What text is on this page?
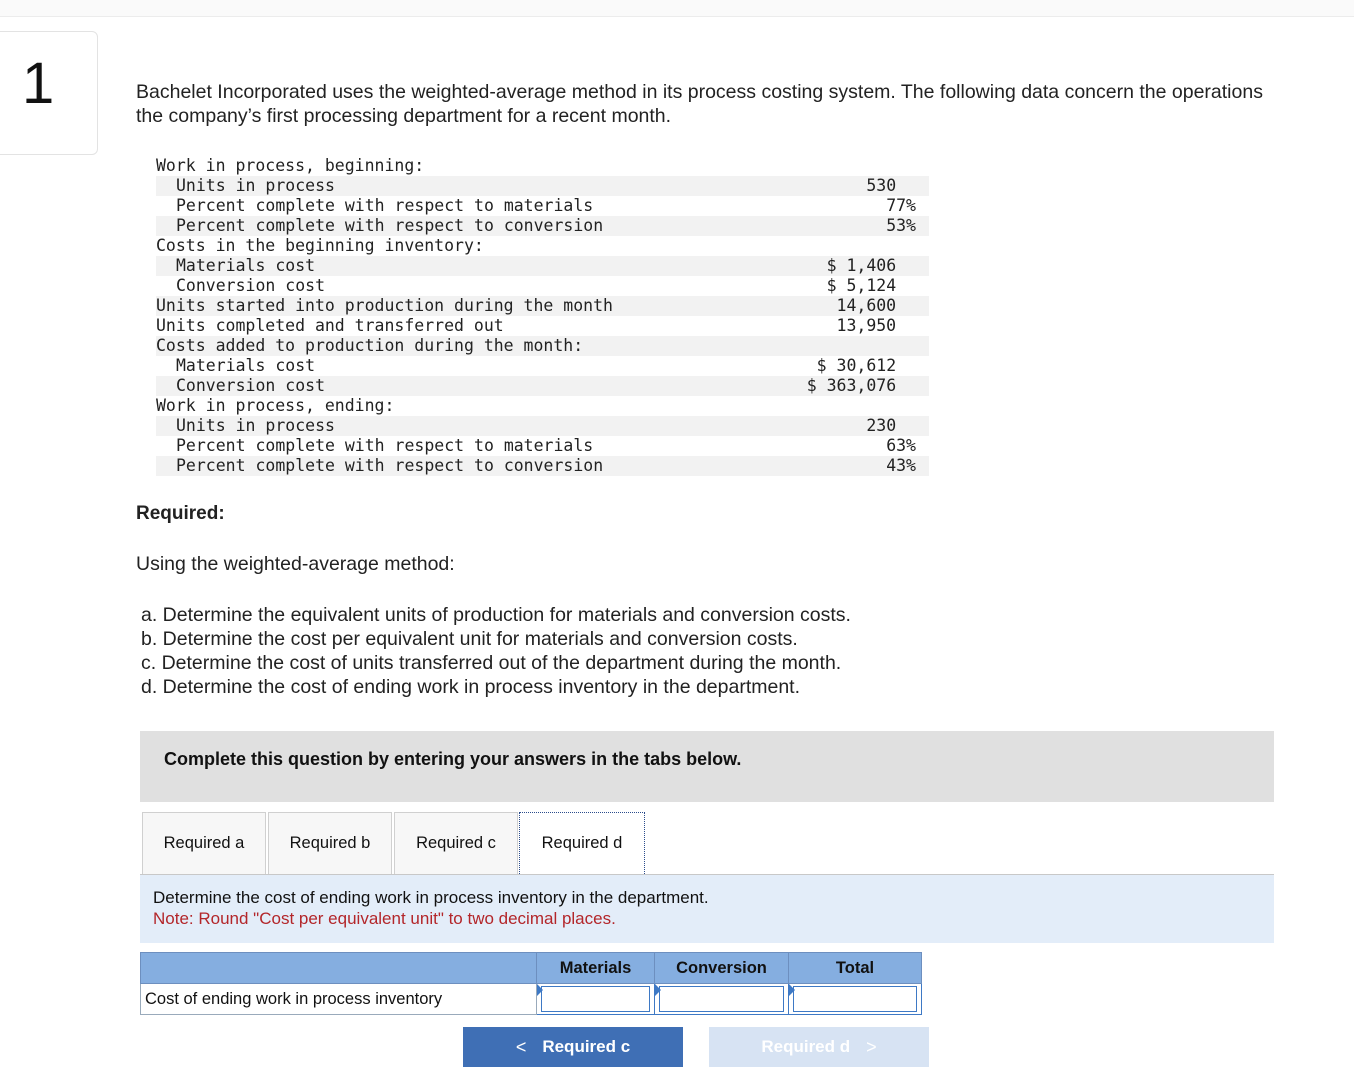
1	Bachelet Incorporated uses the weighted-average method in its process costing system. The following data concern the operations
the company’s first processing department for a recent month.
Work in process, beginning:
Units in process	530
Percent complete with respect to materials	77%
Percent complete with respect to conversion	53%
Costs in the beginning inventory:
Materials cost	$ 1,406
Conversion cost	$ 5,124
Units started into production during the month	14,600
Units completed and transferred out	13,950
Costs added to production during the month:
Materials cost	$ 30,612
Conversion cost	$ 363,076
Work in process, ending:
Units in process	230
Percent complete with respect to materials	63%
Percent complete with respect to conversion	43%
Required:
Using the weighted-average method:
a. Determine the equivalent units of production for materials and conversion costs.
b. Determine the cost per equivalent unit for materials and conversion costs.
c. Determine the cost of units transferred out of the department during the month.
d. Determine the cost of ending work in process inventory in the department.
Complete this question by entering your answers in the tabs below.
Required a	Required b	Required c	Required d
Determine the cost of ending work in process inventory in the department.
Note: Round "Cost per equivalent unit" to two decimal places.
	Materials	Conversion	Total
Cost of ending work in process inventory			
< Required c	Required d >
